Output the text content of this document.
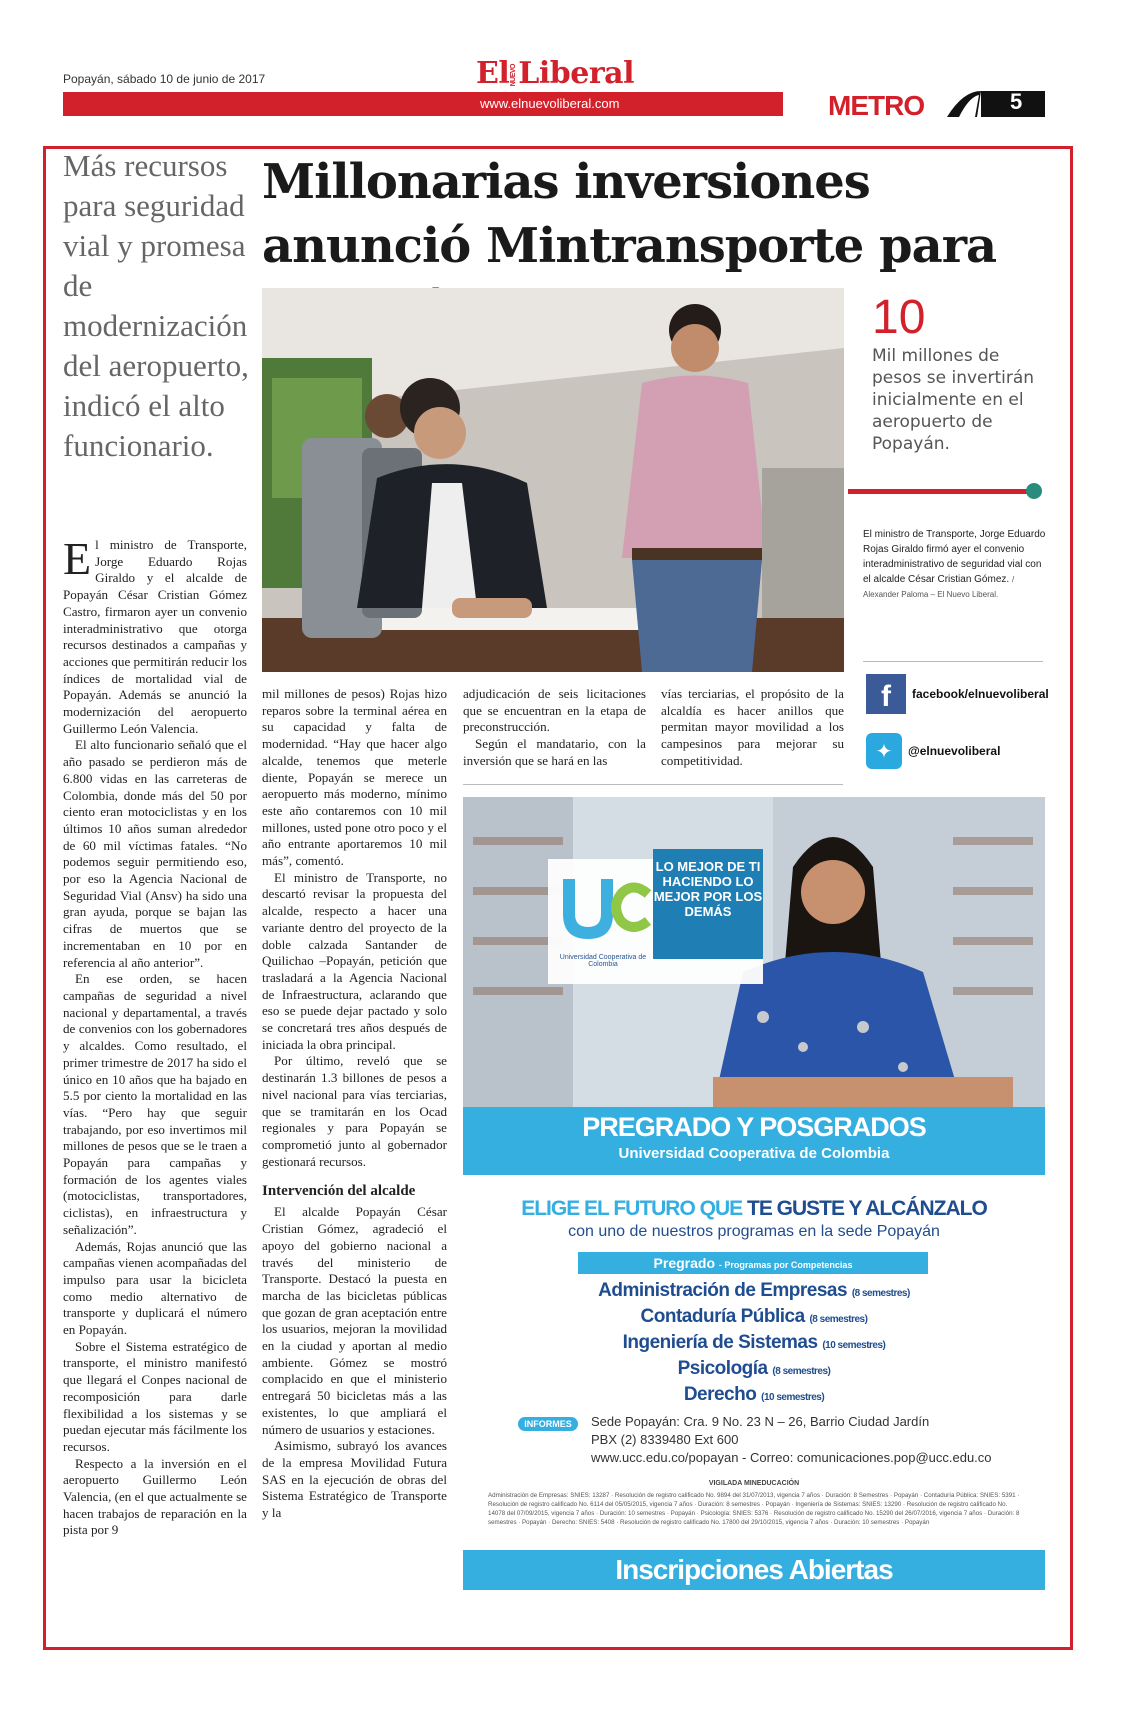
Popayán, sábado 10 de junio de 2017	ElNUEVOLiberal
www.elnuevoliberal.com	METRO	5
Más recursos para seguridad vial y promesa de modernización del aeropuerto, indicó el alto funcionario.
Millonarias inversiones anunció Mintransporte para
10
Mil millones de pesos se invertirán inicialmente en el aeropuerto de Popayán.
El ministro de Transporte, Jorge Eduardo Rojas Giraldo firmó ayer el convenio interadministrativo de seguridad vial con el alcalde César Cristian Gómez. / Alexander Paloma – El Nuevo Liberal.
f	facebook/elnuevoliberal
✦	@elnuevoliberal

El ministro de Transporte, Jorge Eduardo Rojas Giraldo y el alcalde de Popayán César Cristian Gómez Castro, firmaron ayer un convenio interadministrativo que otorga recursos destinados a campañas y acciones que permitirán reducir los índices de mortalidad vial de Popayán. Además se anunció la modernización del aeropuerto Guillermo León Valencia.

El alto funcionario señaló que el año pasado se perdieron más de 6.800 vidas en las carreteras de Colombia, donde más del 50 por ciento eran motociclistas y en los últimos 10 años suman alrededor de 60 mil víctimas fatales. “No podemos seguir permitiendo eso, por eso la Agencia Nacional de Seguridad Vial (Ansv) ha sido una gran ayuda, porque se bajan las cifras de muertos que se incrementaban en 10 por en referencia al año anterior”.

En ese orden, se hacen campañas de seguridad a nivel nacional y departamental, a través de convenios con los gobernadores y alcaldes. Como resultado, el primer trimestre de 2017 ha sido el único en 10 años que ha bajado en 5.5 por ciento la mortalidad en las vías. “Pero hay que seguir trabajando, por eso invertimos mil millones de pesos que se le traen a Popayán para campañas y formación de los agentes viales (motociclistas, transportadores, ciclistas), en infraestructura y señalización”.

Además, Rojas anunció que las campañas vienen acompañadas del impulso para usar la bicicleta como medio alternativo de transporte y duplicará el número en Popayán.

Sobre el Sistema estratégico de transporte, el ministro manifestó que llegará el Conpes nacional de recomposición para darle flexibilidad a los sistemas y se puedan ejecutar más fácilmente los recursos.

Respecto a la inversión en el aeropuerto Guillermo León Valencia, (en el que actualmente se hacen trabajos de reparación en la pista por 9

mil millones de pesos) Rojas hizo reparos sobre la terminal aérea en su capacidad y falta de modernidad. “Hay que hacer algo alcalde, tenemos que meterle diente, Popayán se merece un aeropuerto más moderno, mínimo este año contaremos con 10 mil millones, usted pone otro poco y el año entrante aportaremos 10 mil más”, comentó.

El ministro de Transporte, no descartó revisar la propuesta del alcalde, respecto a hacer una variante dentro del proyecto de la doble calzada Santander de Quilichao –Popayán, petición que trasladará a la Agencia Nacional de Infraestructura, aclarando que eso se puede dejar pactado y solo se concretará tres años después de iniciada la obra principal.

Por último, reveló que se destinarán 1.3 billones de pesos a nivel nacional para vías terciarias, que se tramitarán en los Ocad regionales y para Popayán se comprometió junto al gobernador gestionará recursos.

Intervención del alcalde

El alcalde Popayán César Cristian Gómez, agradeció el apoyo del gobierno nacional a través del ministerio de Transporte. Destacó la puesta en marcha de las bicicletas públicas que gozan de gran aceptación entre los usuarios, mejoran la movilidad en la ciudad y aportan al medio ambiente. Gómez se mostró complacido en que el ministerio entregará 50 bicicletas más a las existentes, lo que ampliará el número de usuarios y estaciones.

Asimismo, subrayó los avances de la empresa Movilidad Futura SAS en la ejecución de obras del Sistema Estratégico de Transporte y la

adjudicación de seis licitaciones que se encuentran en la etapa de preconstrucción.

Según el mandatario, con la inversión que se hará en las

vías terciarias, el propósito de la alcaldía es hacer anillos que permitan mayor movilidad a los campesinos para mejorar su competitividad.

Universidad Cooperativa de Colombia
LO MEJOR DE TI HACIENDO LO MEJOR POR LOS DEMÁS
PREGRADO Y POSGRADOS
Universidad Cooperativa de Colombia
ELIGE EL FUTURO QUE TE GUSTE Y ALCÁNZALO
con uno de nuestros programas en la sede Popayán
Pregrado - Programas por Competencias
Administración de Empresas (8 semestres)
Contaduría Pública (8 semestres)
Ingeniería de Sistemas (10 semestres)
Psicología (8 semestres)
Derecho (10 semestres)
INFORMES	Sede Popayán: Cra. 9 No. 23 N – 26, Barrio Ciudad Jardín
PBX (2) 8339480 Ext 600
www.ucc.edu.co/popayan - Correo: comunicaciones.pop@ucc.edu.co
VIGILADA MINEDUCACIÓN
Administración de Empresas: SNIES: 13287 · Resolución de registro calificado No. 9894 del 31/07/2013, vigencia 7 años · Duración: 8 Semestres · Popayán · Contaduría Pública: SNIES: 5391 · Resolución de registro calificado No. 6114 del 05/05/2015, vigencia 7 años · Duración: 8 semestres · Popayán · Ingeniería de Sistemas: SNIES: 13290 · Resolución de registro calificado No. 14078 del 07/09/2015, vigencia 7 años · Duración: 10 semestres · Popayán · Psicología: SNIES: 5376 · Resolución de registro calificado No. 15290 del 26/07/2016, vigencia 7 años · Duración: 8 semestres · Popayán · Derecho: SNIES: 5408 · Resolución de registro calificado No. 17800 del 29/10/2015, vigencia 7 años · Duración: 10 semestres · Popayán
Inscripciones Abiertas
